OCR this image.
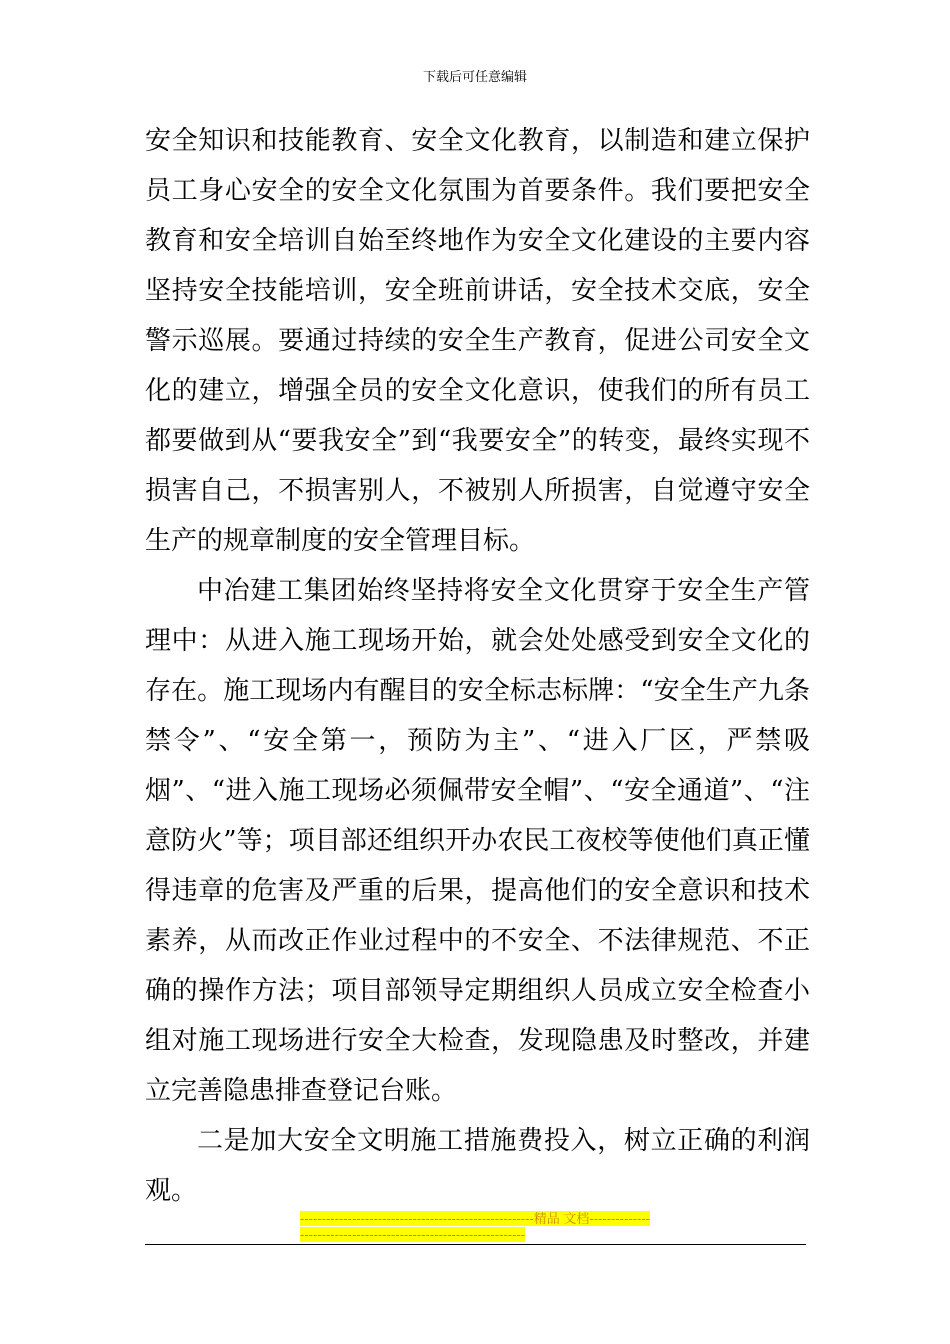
下载后可任意编辑

安全知识和技能教育、安全文化教育，以制造和建立保护员工身心安全的安全文化氛围为首要条件。我们要把安全教育和安全培训自始至终地作为安全文化建设的主要内容坚持安全技能培训，安全班前讲话，安全技术交底，安全警示巡展。要通过持续的安全生产教育，促进公司安全文化的建立，增强全员的安全文化意识，使我们的所有员工都要做到从“要我安全”到“我要安全”的转变，最终实现不损害自己，不损害别人，不被别人所损害，自觉遵守安全生产的规章制度的安全管理目标。

中冶建工集团始终坚持将安全文化贯穿于安全生产管理中：从进入施工现场开始，就会处处感受到安全文化的存在。施工现场内有醒目的安全标志标牌：“安全生产九条禁令”、“安全第一，预防为主”、“进入厂区，严禁吸烟”、“进入施工现场必须佩带安全帽”、“安全通道”、“注意防火”等；项目部还组织开办农民工夜校等使他们真正懂得违章的危害及严重的后果，提高他们的安全意识和技术素养，从而改正作业过程中的不安全、不法律规范、不正确的操作方法；项目部领导定期组织人员成立安全检查小组对施工现场进行安全大检查，发现隐患及时整改，并建立完善隐患排查登记台账。

二是加大安全文明施工措施费投入，树立正确的利润观。

------------------------------------------------------精品 文档------------------------------------------------------------------
